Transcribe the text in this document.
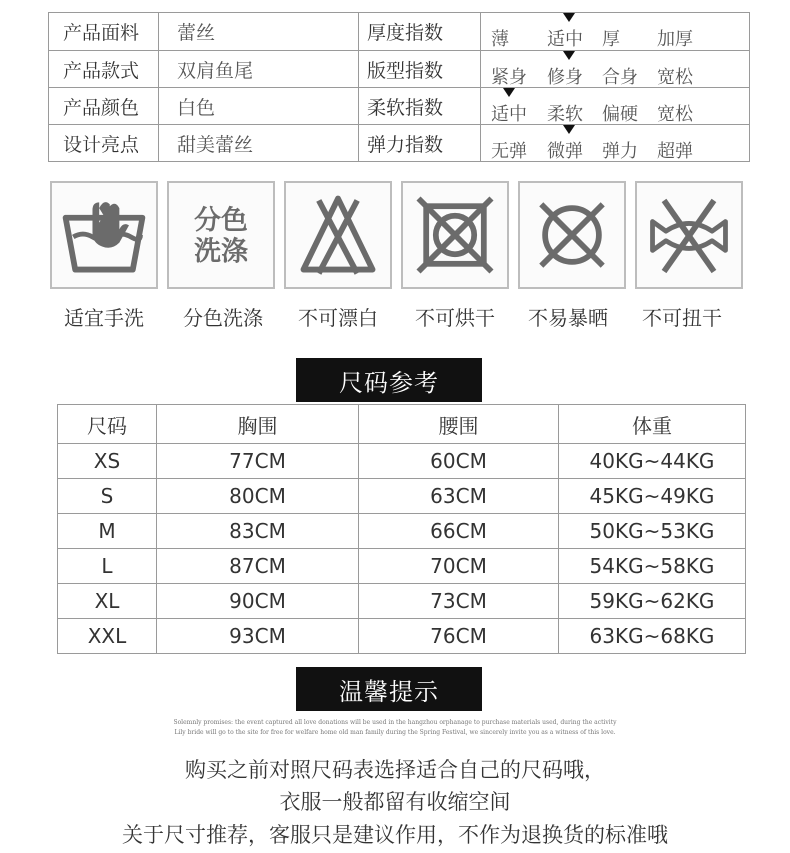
产品面料	蕾丝	厚度指数	薄 适中 厚 加厚
产品款式	双肩鱼尾	版型指数	紧身 修身 合身 宽松
产品颜色	白色	柔软指数	适中 柔软 偏硬 宽松
设计亮点	甜美蕾丝	弹力指数	无弹 微弹 弹力 超弹
分色
洗涤
适宜手洗	分色洗涤	不可漂白	不可烘干	不易暴晒	不可扭干
尺码参考
尺码	胸围	腰围	体重
XS	77CM	60CM	40KG~44KG
S	80CM	63CM	45KG~49KG
M	83CM	66CM	50KG~53KG
L	87CM	70CM	54KG~58KG
XL	90CM	73CM	59KG~62KG
XXL	93CM	76CM	63KG~68KG
温馨提示
Solemnly promises: the event captured all love donations will be used in the hangzhou orphanage to purchase materials used, during the activity
Lily bride will go to the site for free for welfare home old man family during the Spring Festival, we sincerely invite you as a witness of this love.
购买之前对照尺码表选择适合自己的尺码哦，
衣服一般都留有收缩空间
关于尺寸推荐，客服只是建议作用，不作为退换货的标准哦
